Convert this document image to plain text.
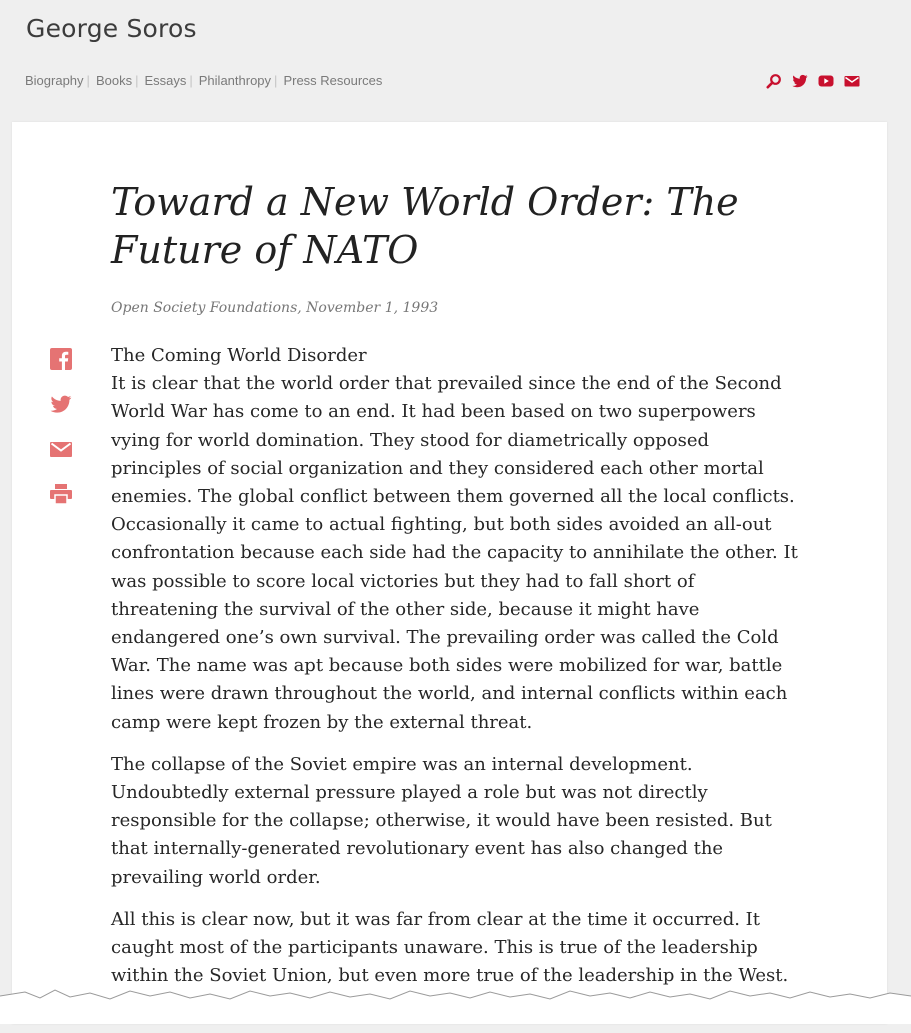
George Soros
Biography | Books | Essays | Philanthropy | Press Resources
Toward a New World Order: The Future of NATO
Open Society Foundations, November 1, 1993

The Coming World Disorder
It is clear that the world order that prevailed since the end of the Second World War has come to an end. It had been based on two superpowers vying for world domination. They stood for diametrically opposed principles of social organization and they considered each other mortal enemies. The global conflict between them governed all the local conflicts. Occasionally it came to actual fighting, but both sides avoided an all-out confrontation because each side had the capacity to annihilate the other. It was possible to score local victories but they had to fall short of threatening the survival of the other side, because it might have endangered one’s own survival. The prevailing order was called the Cold War. The name was apt because both sides were mobilized for war, battle lines were drawn throughout the world, and internal conflicts within each camp were kept frozen by the external threat.

The collapse of the Soviet empire was an internal development. Undoubtedly external pressure played a role but was not directly responsible for the collapse; otherwise, it would have been resisted. But that internally-generated revolutionary event has also changed the prevailing world order.

All this is clear now, but it was far from clear at the time it occurred. It caught most of the participants unaware. This is true of the leadership within the Soviet Union, but even more true of the leadership in the West.
